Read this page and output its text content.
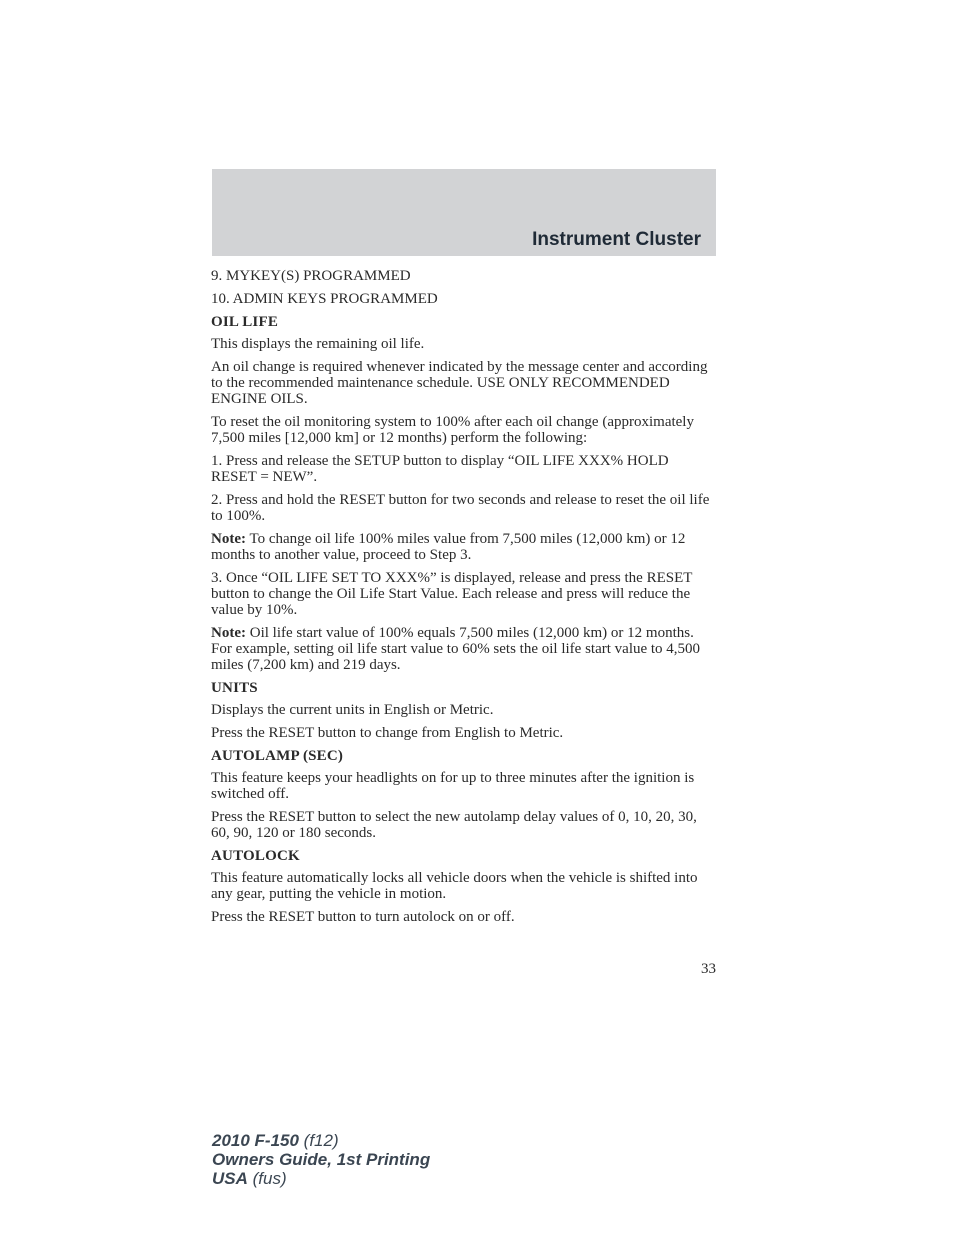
Instrument Cluster

9. MYKEY(S) PROGRAMMED

10. ADMIN KEYS PROGRAMMED

OIL LIFE

This displays the remaining oil life.

An oil change is required whenever indicated by the message center and according to the recommended maintenance schedule. USE ONLY RECOMMENDED ENGINE OILS.

To reset the oil monitoring system to 100% after each oil change (approximately 7,500 miles [12,000 km] or 12 months) perform the following:

1. Press and release the SETUP button to display “OIL LIFE XXX% HOLD RESET = NEW”.

2. Press and hold the RESET button for two seconds and release to reset the oil life to 100%.

Note: To change oil life 100% miles value from 7,500 miles (12,000 km) or 12 months to another value, proceed to Step 3.

3. Once “OIL LIFE SET TO XXX%” is displayed, release and press the RESET button to change the Oil Life Start Value. Each release and press will reduce the value by 10%.

Note: Oil life start value of 100% equals 7,500 miles (12,000 km) or 12 months. For example, setting oil life start value to 60% sets the oil life start value to 4,500 miles (7,200 km) and 219 days.

UNITS

Displays the current units in English or Metric.

Press the RESET button to change from English to Metric.

AUTOLAMP (SEC)

This feature keeps your headlights on for up to three minutes after the ignition is switched off.

Press the RESET button to select the new autolamp delay values of 0, 10, 20, 30, 60, 90, 120 or 180 seconds.

AUTOLOCK

This feature automatically locks all vehicle doors when the vehicle is shifted into any gear, putting the vehicle in motion.

Press the RESET button to turn autolock on or off.

33
2010 F-150 (f12)
Owners Guide, 1st Printing
USA (fus)
